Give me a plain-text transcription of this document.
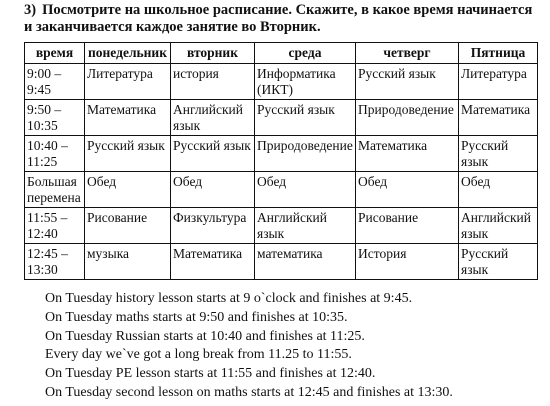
3) Посмотрите на школьное расписание. Скажите, в какое время начинается и заканчивается каждое занятие во Вторник.
время	понедельник	вторник	среда	четверг	Пятница
9:00 – 9:45	Литература	история	Информатика (ИКТ)	Русский язык	Литература
9:50 – 10:35	Математика	Английский язык	Русский язык	Природоведение	Математика
10:40 – 11:25	Русский язык	Русский язык	Природоведение	Математика	Русский язык
Большая перемена	Обед	Обед	Обед	Обед	Обед
11:55 – 12:40	Рисование	Физкультура	Английский язык	Рисование	Английский язык
12:45 – 13:30	музыка	Математика	математика	История	Русский язык
On Tuesday history lesson starts at 9 o`clock and finishes at 9:45.
On Tuesday maths starts at 9:50 and finishes at 10:35.
On Tuesday Russian starts at 10:40 and finishes at 11:25.
Every day we`ve got a long break from 11.25 to 11:55.
On Tuesday PE lesson starts at 11:55 and finishes at 12:40.
On Tuesday second lesson on maths starts at 12:45 and finishes at 13:30.
